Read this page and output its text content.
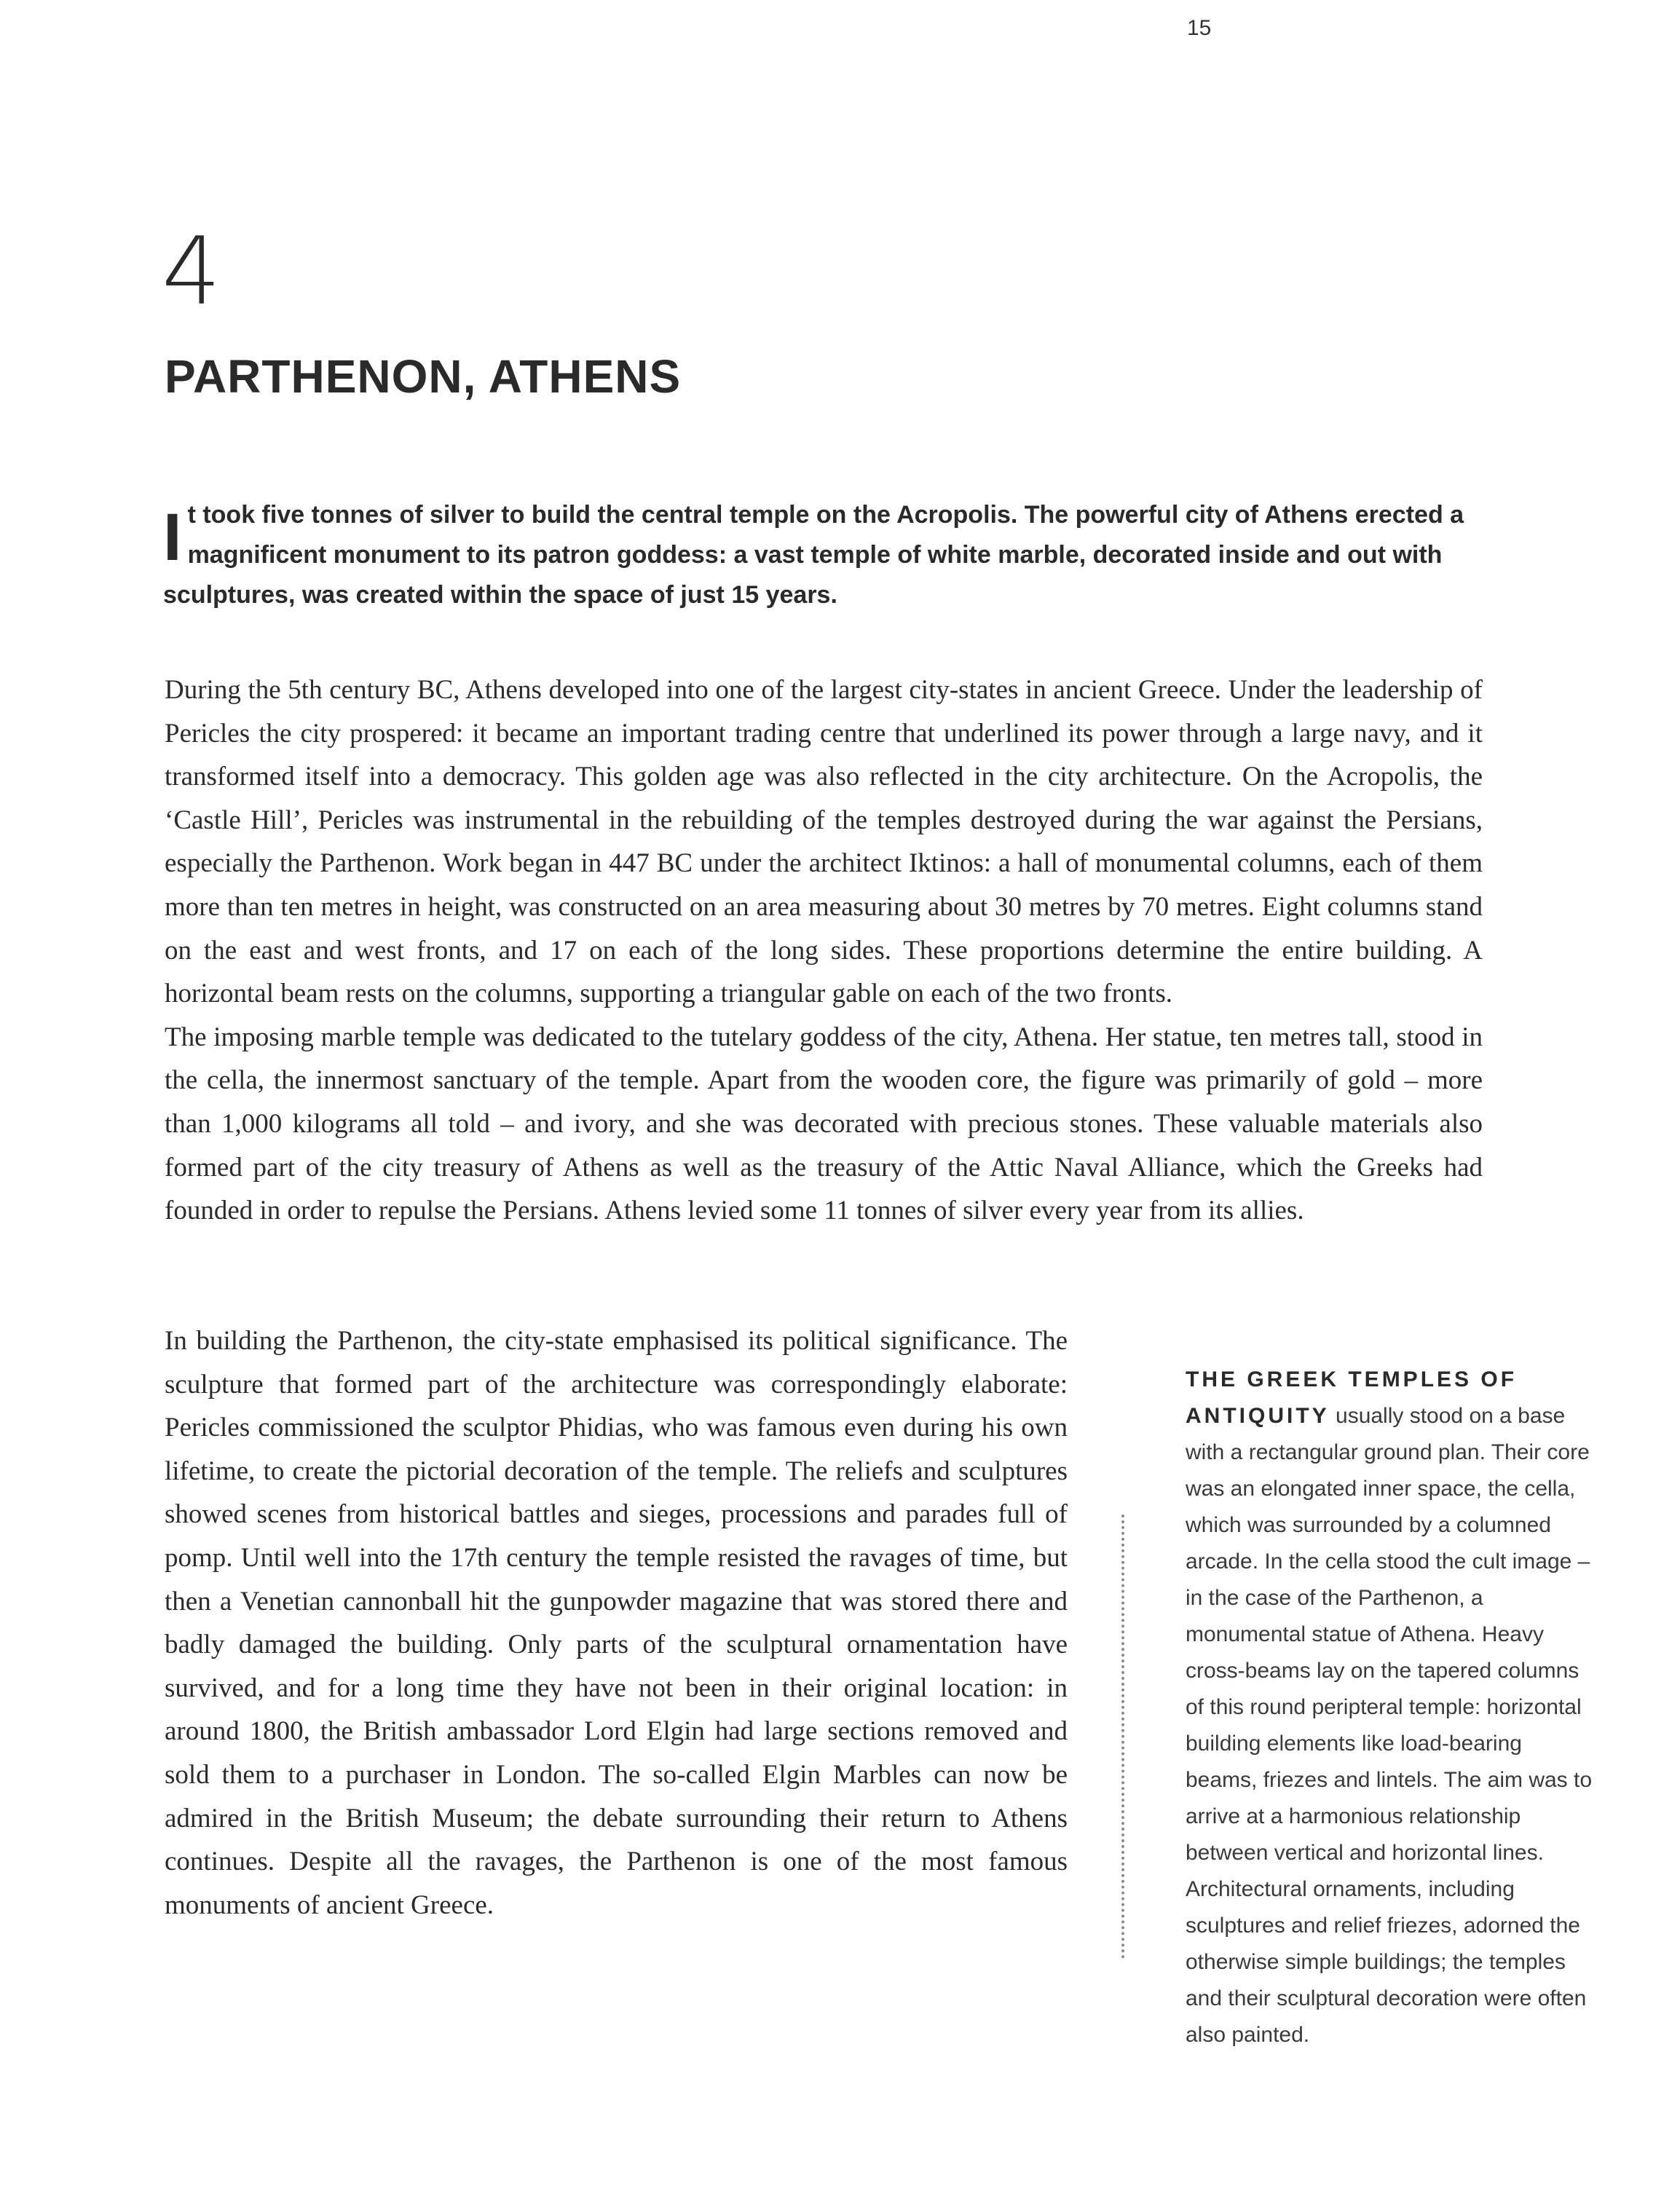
15
4
PARTHENON, ATHENS
It took five tonnes of silver to build the central temple on the Acropolis. The powerful city of Athens erected a magnificent monument to its patron goddess: a vast temple of white marble, decorated inside and out with sculptures, was created within the space of just 15 years.

During the 5th century BC, Athens developed into one of the largest city-states in ancient Greece. Under the leadership of Pericles the city prospered: it became an important trading centre that underlined its power through a large navy, and it transformed itself into a democracy. This golden age was also reflected in the city architecture. On the Acropolis, the ‘Castle Hill’, Pericles was instrumental in the rebuilding of the temples destroyed during the war against the Persians, especially the Parthenon. Work began in 447 BC under the architect Iktinos: a hall of monumental columns, each of them more than ten metres in height, was constructed on an area measuring about 30 metres by 70 metres. Eight columns stand on the east and west fronts, and 17 on each of the long sides. These proportions determine the entire building. A horizontal beam rests on the columns, supporting a triangular gable on each of the two fronts.

The imposing marble temple was dedicated to the tutelary goddess of the city, Athena. Her statue, ten metres tall, stood in the cella, the innermost sanctuary of the temple. Apart from the wooden core, the figure was primarily of gold – more than 1,000 kilograms all told – and ivory, and she was decorated with precious stones. These valuable materials also formed part of the city treasury of Athens as well as the treasury of the Attic Naval Alliance, which the Greeks had founded in order to repulse the Persians. Athens levied some 11 tonnes of silver every year from its allies.

In building the Parthenon, the city-state emphasised its political significance. The sculpture that formed part of the architecture was correspondingly elaborate: Pericles commissioned the sculptor Phidias, who was famous even during his own lifetime, to create the pictorial decoration of the temple. The reliefs and sculptures showed scenes from historical battles and sieges, processions and parades full of pomp. Until well into the 17th century the temple resisted the ravages of time, but then a Venetian cannonball hit the gunpowder magazine that was stored there and badly damaged the building. Only parts of the sculptural ornamentation have survived, and for a long time they have not been in their original location: in around 1800, the British ambassador Lord Elgin had large sections removed and sold them to a purchaser in London. The so-called Elgin Marbles can now be admired in the British Museum; the debate surrounding their return to Athens continues. Despite all the ravages, the Parthenon is one of the most famous monuments of ancient Greece.

THE GREEK TEMPLES OF ANTIQUITY usually stood on a base with a rectangular ground plan. Their core was an elongated inner space, the cella, which was surrounded by a columned arcade. In the cella stood the cult image – in the case of the Parthenon, a monumental statue of Athena. Heavy cross-beams lay on the tapered columns of this round peripteral temple: horizontal building elements like load-bearing beams, friezes and lintels. The aim was to arrive at a harmonious relationship between vertical and horizontal lines. Architectural ornaments, including sculptures and relief friezes, adorned the otherwise simple buildings; the temples and their sculptural decoration were often also painted.
